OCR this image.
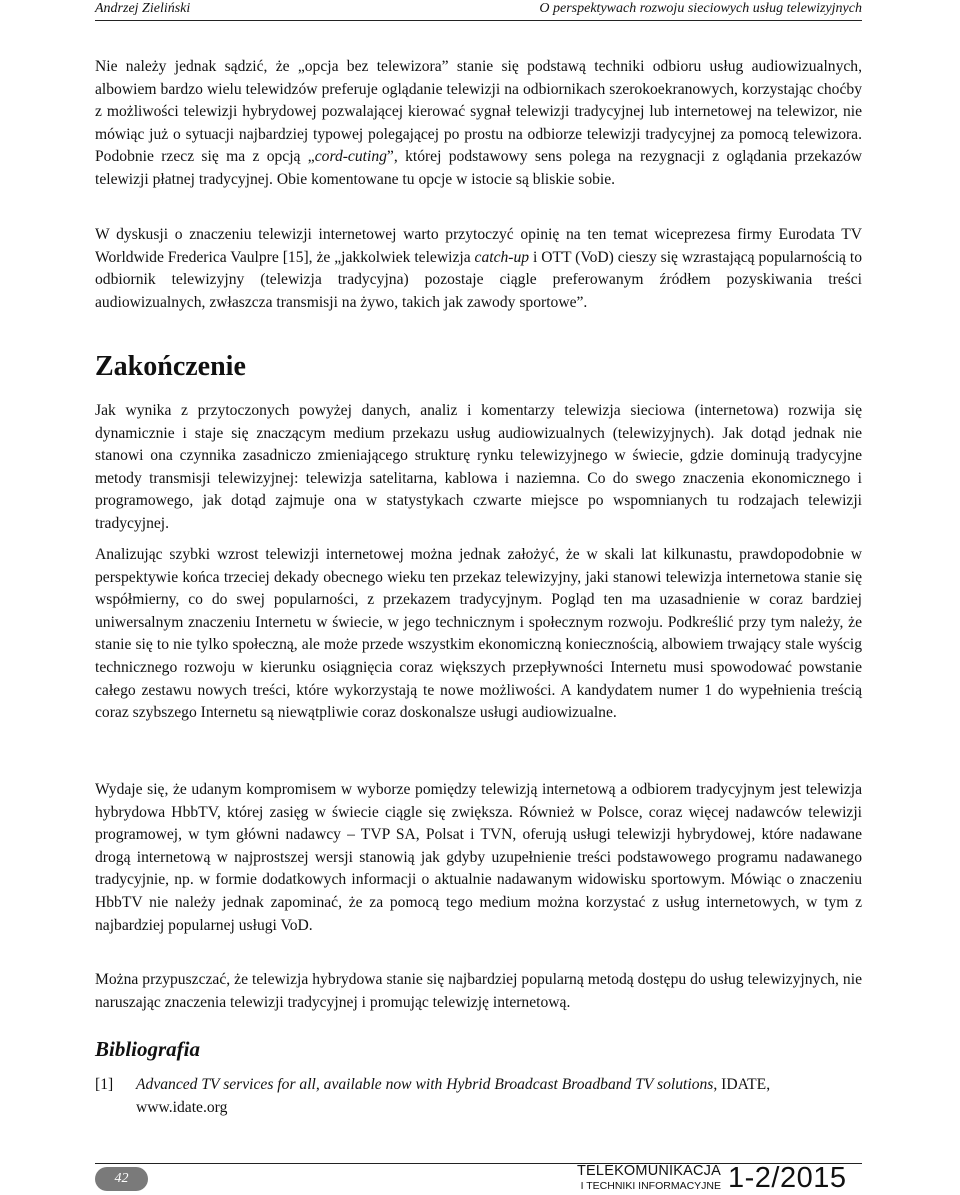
Andrzej Zieliński	O perspektywach rozwoju sieciowych usług telewizyjnych

Nie należy jednak sądzić, że „opcja bez telewizora” stanie się podstawą techniki odbioru usług audiowizualnych, albowiem bardzo wielu telewidzów preferuje oglądanie telewizji na odbiornikach szerokoekranowych, korzystając choćby z możliwości telewizji hybrydowej pozwalającej kierować sygnał telewizji tradycyjnej lub internetowej na telewizor, nie mówiąc już o sytuacji najbardziej typowej polegającej po prostu na odbiorze telewizji tradycyjnej za pomocą telewizora. Podobnie rzecz się ma z opcją „cord-cuting”, której podstawowy sens polega na rezygnacji z oglądania przekazów telewizji płatnej tradycyjnej. Obie komentowane tu opcje w istocie są bliskie sobie.

W dyskusji o znaczeniu telewizji internetowej warto przytoczyć opinię na ten temat wiceprezesa firmy Eurodata TV Worldwide Frederica Vaulpre [15], że „jakkolwiek telewizja catch-up i OTT (VoD) cieszy się wzrastającą popularnością to odbiornik telewizyjny (telewizja tradycyjna) pozostaje ciągle preferowanym źródłem pozyskiwania treści audiowizualnych, zwłaszcza transmisji na żywo, takich jak zawody sportowe”.

Zakończenie

Jak wynika z przytoczonych powyżej danych, analiz i komentarzy telewizja sieciowa (internetowa) rozwija się dynamicznie i staje się znaczącym medium przekazu usług audiowizualnych (telewizyjnych). Jak dotąd jednak nie stanowi ona czynnika zasadniczo zmieniającego strukturę rynku telewizyjnego w świecie, gdzie dominują tradycyjne metody transmisji telewizyjnej: telewizja satelitarna, kablowa i naziemna. Co do swego znaczenia ekonomicznego i programowego, jak dotąd zajmuje ona w statystykach czwarte miejsce po wspomnianych tu rodzajach telewizji tradycyjnej.

Analizując szybki wzrost telewizji internetowej można jednak założyć, że w skali lat kilkunastu, prawdopodobnie w perspektywie końca trzeciej dekady obecnego wieku ten przekaz telewizyjny, jaki stanowi telewizja internetowa stanie się współmierny, co do swej popularności, z przekazem tradycyjnym. Pogląd ten ma uzasadnienie w coraz bardziej uniwersalnym znaczeniu Internetu w świecie, w jego technicznym i społecznym rozwoju. Podkreślić przy tym należy, że stanie się to nie tylko społeczną, ale może przede wszystkim ekonomiczną koniecznością, albowiem trwający stale wyścig technicznego rozwoju w kierunku osiągnięcia coraz większych przepływności Internetu musi spowodować powstanie całego zestawu nowych treści, które wykorzystają te nowe możliwości. A kandydatem numer 1 do wypełnienia treścią coraz szybszego Internetu są niewątpliwie coraz doskonalsze usługi audiowizualne.

Wydaje się, że udanym kompromisem w wyborze pomiędzy telewizją internetową a odbiorem tradycyjnym jest telewizja hybrydowa HbbTV, której zasięg w świecie ciągle się zwiększa. Również w Polsce, coraz więcej nadawców telewizji programowej, w tym główni nadawcy – TVP SA, Polsat i TVN, oferują usługi telewizji hybrydowej, które nadawane drogą internetową w najprostszej wersji stanowią jak gdyby uzupełnienie treści podstawowego programu nadawanego tradycyjnie, np. w formie dodatkowych informacji o aktualnie nadawanym widowisku sportowym. Mówiąc o znaczeniu HbbTV nie należy jednak zapominać, że za pomocą tego medium można korzystać z usług internetowych, w tym z najbardziej popularnej usługi VoD.

Można przypuszczać, że telewizja hybrydowa stanie się najbardziej popularną metodą dostępu do usług telewizyjnych, nie naruszając znaczenia telewizji tradycyjnej i promując telewizję internetową.

Bibliografia
[1] Advanced TV services for all, available now with Hybrid Broadcast Broadband TV solutions, IDATE, www.idate.org
42	TELEKOMUNIKACJA
I TECHNIKI INFORMACYJNE 1-2/2015
